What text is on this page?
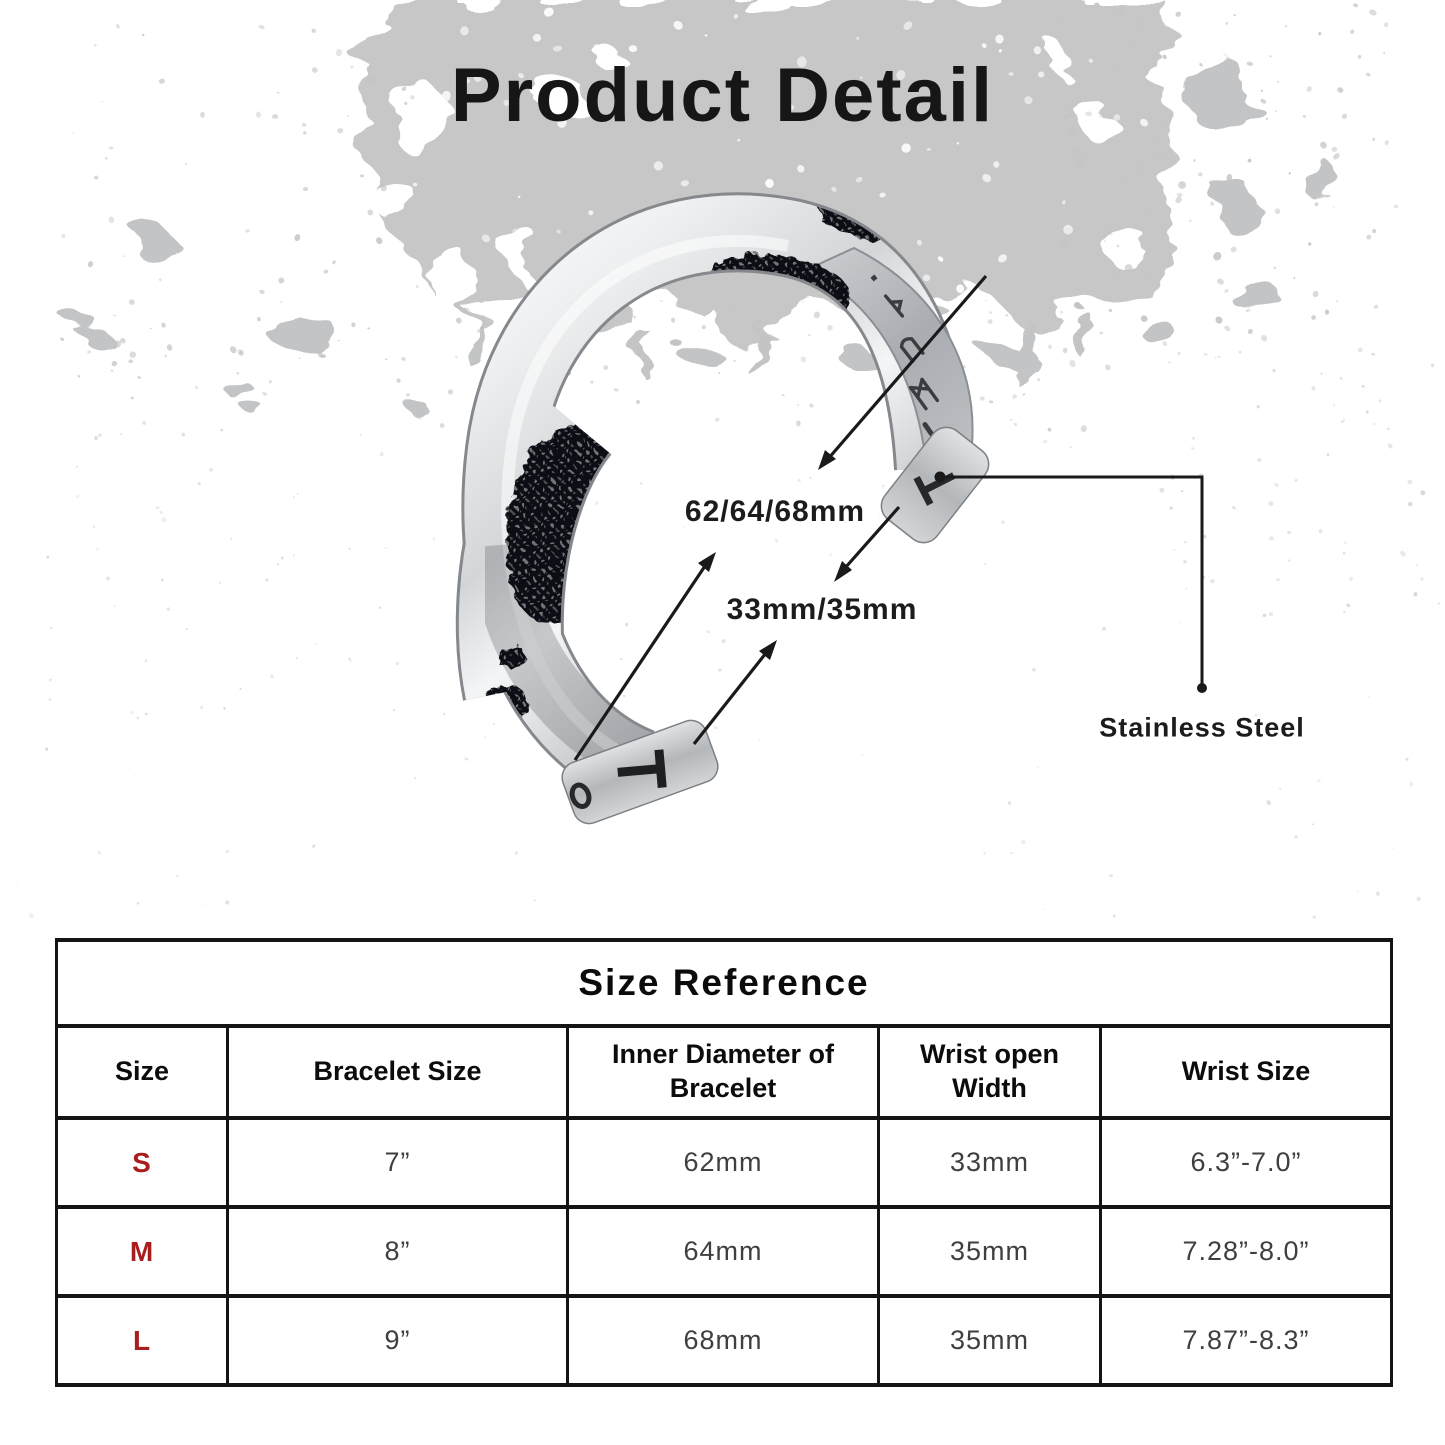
Product Detail
62/64/68mm
33mm/35mm
Stainless Steel
Size Reference				
Size	Bracelet Size	Inner Diameter of Bracelet	Wrist open Width	Wrist Size
S	7”	62mm	33mm	6.3”-7.0”
M	8”	64mm	35mm	7.28”-8.0”
L	9”	68mm	35mm	7.87”-8.3”
